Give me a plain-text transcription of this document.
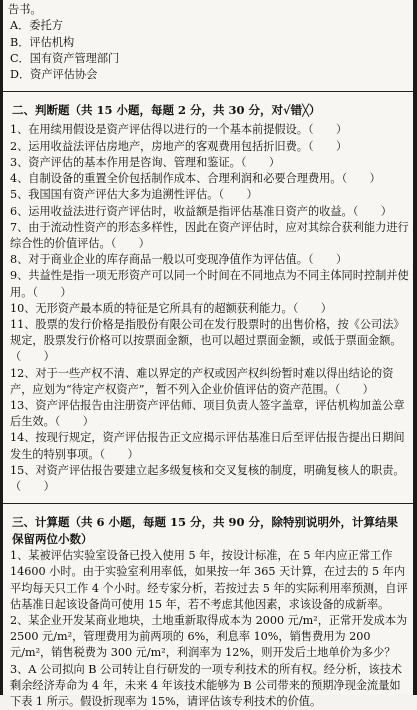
告书。
A．委托方
B．评估机构
C．国有资产管理部门
D．资产评估协会
二、判断题（共 15 小题，每题 2 分，共 30 分，对√错╳）
1、在用续用假设是资产评估得以进行的一个基本前提假设。（　　）
2、运用收益法评估房地产，房地产的客观费用包括折旧费。（　　）
3、资产评估的基本作用是咨询、管理和鉴证。（　　）
4、自制设备的重置全价包括制作成本、合理利润和必要合理费用。（　　）
5、我国国有资产评估大多为追溯性评估。（　　）
6、运用收益法进行资产评估时，收益额是指评估基准日资产的收益。（　　）
7、由于流动性资产的形态多样性，因此在资产评估时，应对其综合获利能力进行综合性的价值评估。（　　）
8、对于商业企业的库存商品一般以可变现净值作为评估值。（　　）
9、共益性是指一项无形资产可以同一个时间在不同地点为不同主体同时控制并使用。（　　）
10、无形资产最本质的特征是它所具有的超额获利能力。（　　）
11、股票的发行价格是指股份有限公司在发行股票时的出售价格，按《公司法》规定，股票发行价格可以按票面金额，也可以超过票面金额，或低于票面金额。（　　）
12、对于一些产权不清、难以界定的产权或因产权纠纷暂时难以得出结论的资产，应划为“待定产权资产”，暂不列入企业价值评估的资产范围。（　　）
13、资产评估报告由注册资产评估师、项目负责人签字盖章，评估机构加盖公章后生效。（　　）
14、按现行规定，资产评估报告正文应揭示评估基准日后至评估报告提出日期间发生的特别事项。（　　）
15、对资产评估报告要建立起多级复核和交叉复核的制度，明确复核人的职责。（　　）
三、计算题（共 6 小题，每题 15 分，共 90 分，除特别说明外，计算结果保留两位小数）
1、某被评估实验室设备已投入使用 5 年，按设计标准，在 5 年内应正常工作 14600 小时。由于实验室利用率低，如果按一年 365 天计算，在过去的 5 年内平均每天只工作 4 个小时。经专家分析，若按过去 5 年的实际利用率预测，自评估基准日起该设备尚可使用 15 年，若不考虑其他因素，求该设备的成新率。
2、某企业开发某商业地块，土地重新取得成本为 2000 元/m²，正常开发成本为 2500 元/m²，管理费用为前两项的 6%，利息率 10%，销售费用为 200 元/m²，销售税费为 300 元/m²，利润率为 12%，则开发后土地单价为多少？
3、A 公司拟向 B 公司转让自行研发的一项专利技术的所有权。经分析，该技术剩余经济寿命为 4 年，未来 4 年该技术能够为 B 公司带来的预期净现金流量如下表 1 所示。假设折现率为 15%，请评估该专利技术的价值。
